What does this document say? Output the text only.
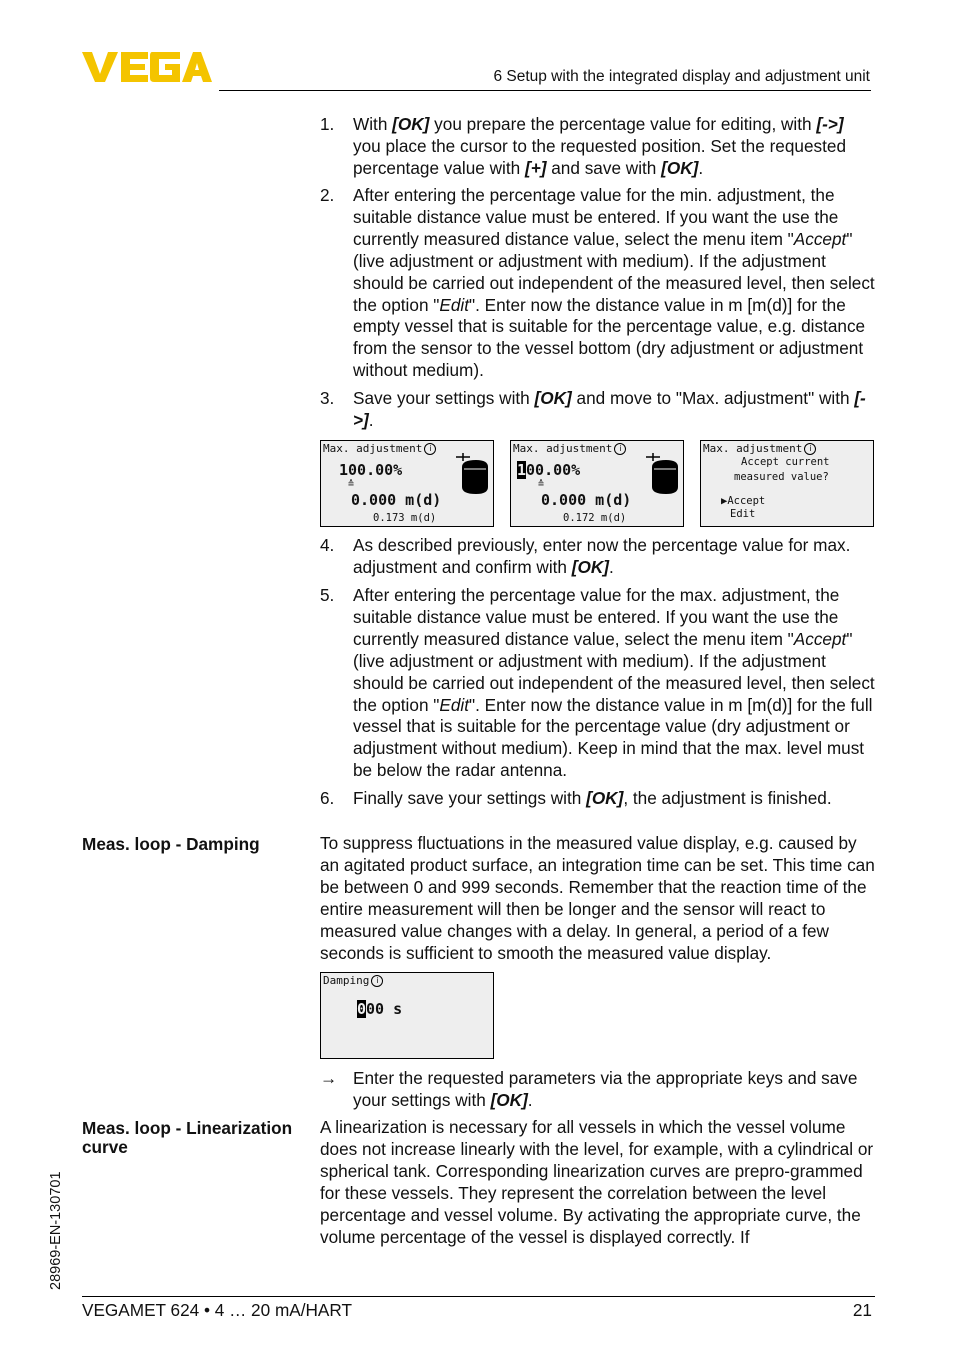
6 Setup with the integrated display and adjustment unit
1. With [OK] you prepare the percentage value for editing, with [->] you place the cursor to the requested position. Set the requested percentage value with [+] and save with [OK].
2. After entering the percentage value for the min. adjustment, the suitable distance value must be entered. If you want the use the currently measured distance value, select the menu item "Accept" (live adjustment or adjustment with medium). If the adjustment should be carried out independent of the measured level, then select the option "Edit". Enter now the distance value in m [m(d)] for the empty vessel that is suitable for the percentage value, e.g. distance from the sensor to the vessel bottom (dry adjustment or adjustment without medium).
3. Save your settings with [OK] and move to "Max. adjustment" with [->].
Max. adjustment i
100.00%
≙
0.000 m(d)
0.173 m(d)
Max. adjustment i
100.00%
≙
0.000 m(d)
0.172 m(d)
Max. adjustment i
Accept current
measured value?
▶Accept
Edit
4. As described previously, enter now the percentage value for max. adjustment and confirm with [OK].
5. After entering the percentage value for the max. adjustment, the suitable distance value must be entered. If you want the use the currently measured distance value, select the menu item "Accept" (live adjustment or adjustment with medium). If the adjustment should be carried out independent of the measured level, then select the option "Edit". Enter now the distance value in m [m(d)] for the full vessel that is suitable for the percentage value (dry adjustment or adjustment without medium). Keep in mind that the max. level must be below the radar antenna.
6. Finally save your settings with [OK], the adjustment is finished.
Meas. loop - Damping	To suppress fluctuations in the measured value display, e.g. caused by an agitated product surface, an integration time can be set. This time can be between 0 and 999 seconds. Remember that the reaction time of the entire measurement will then be longer and the sensor will react to measured value changes with a delay. In general, a period of a few seconds is sufficient to smooth the measured value display.
Damping i
000 s
→ Enter the requested parameters via the appropriate keys and save your settings with [OK].
Meas. loop - Linearization curve
A linearization is necessary for all vessels in which the vessel volume does not increase linearly with the level, for example, with a cylindrical or spherical tank. Corresponding linearization curves are prepro-grammed for these vessels. They represent the correlation between the level percentage and vessel volume. By activating the appropriate curve, the volume percentage of the vessel is displayed correctly. If
28969-EN-130701
VEGAMET 624 • 4 … 20 mA/HART	21
